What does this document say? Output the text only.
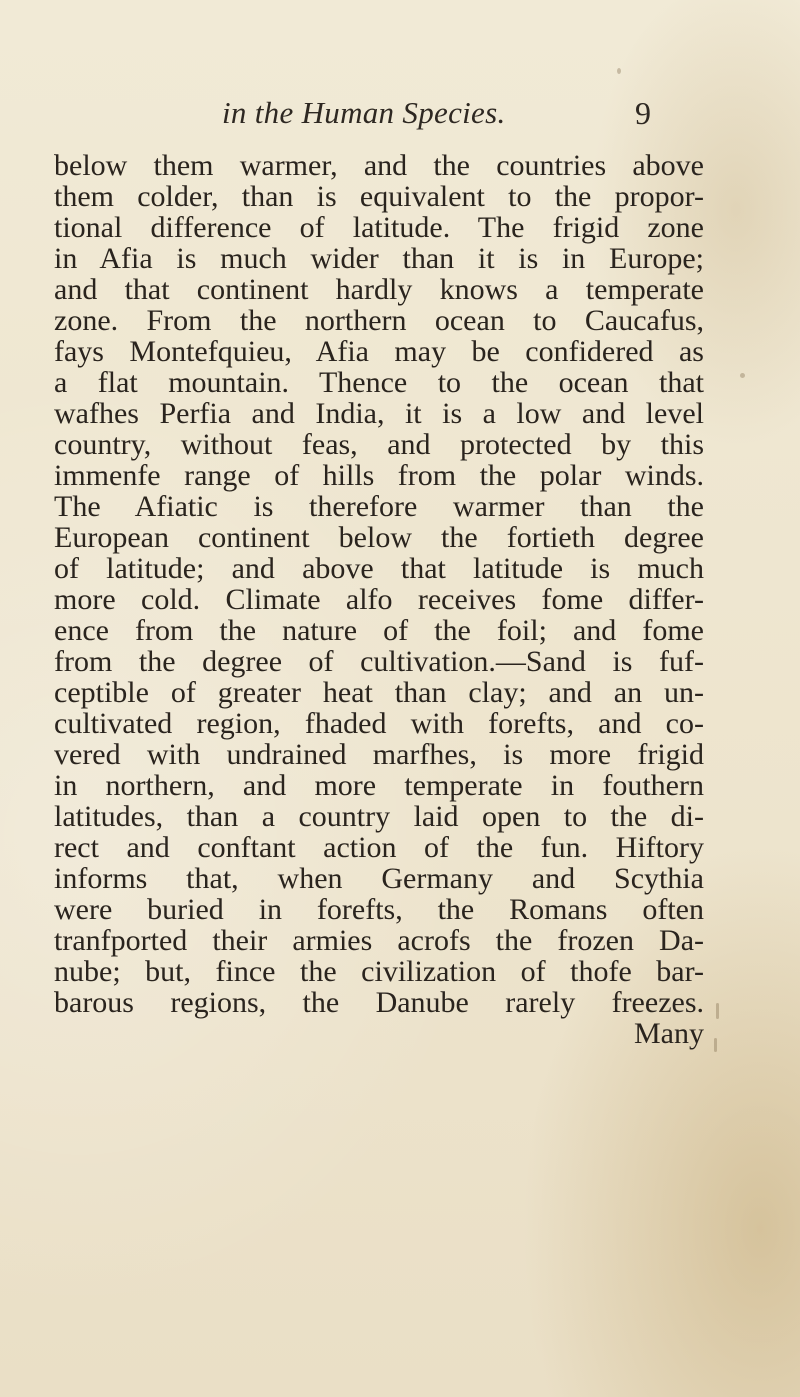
in the Human Species.	9
below them warmer, and the countries above
them colder, than is equivalent to the propor-
tional difference of latitude. The frigid zone
in Afia is much wider than it is in Europe;
and that continent hardly knows a temperate
zone. From the northern ocean to Caucafus,
fays Montefquieu, Afia may be confidered as
a flat mountain. Thence to the ocean that
wafhes Perfia and India, it is a low and level
country, without feas, and protected by this
immenfe range of hills from the polar winds.
The Afiatic is therefore warmer than the
European continent below the fortieth degree
of latitude; and above that latitude is much
more cold. Climate alfo receives fome differ-
ence from the nature of the foil; and fome
from the degree of cultivation.—Sand is fuf-
ceptible of greater heat than clay; and an un-
cultivated region, fhaded with forefts, and co-
vered with undrained marfhes, is more frigid
in northern, and more temperate in fouthern
latitudes, than a country laid open to the di-
rect and conftant action of the fun. Hiftory
informs that, when Germany and Scythia
were buried in forefts, the Romans often
tranfported their armies acrofs the frozen Da-
nube; but, fince the civilization of thofe bar-
barous regions, the Danube rarely freezes.
Many
